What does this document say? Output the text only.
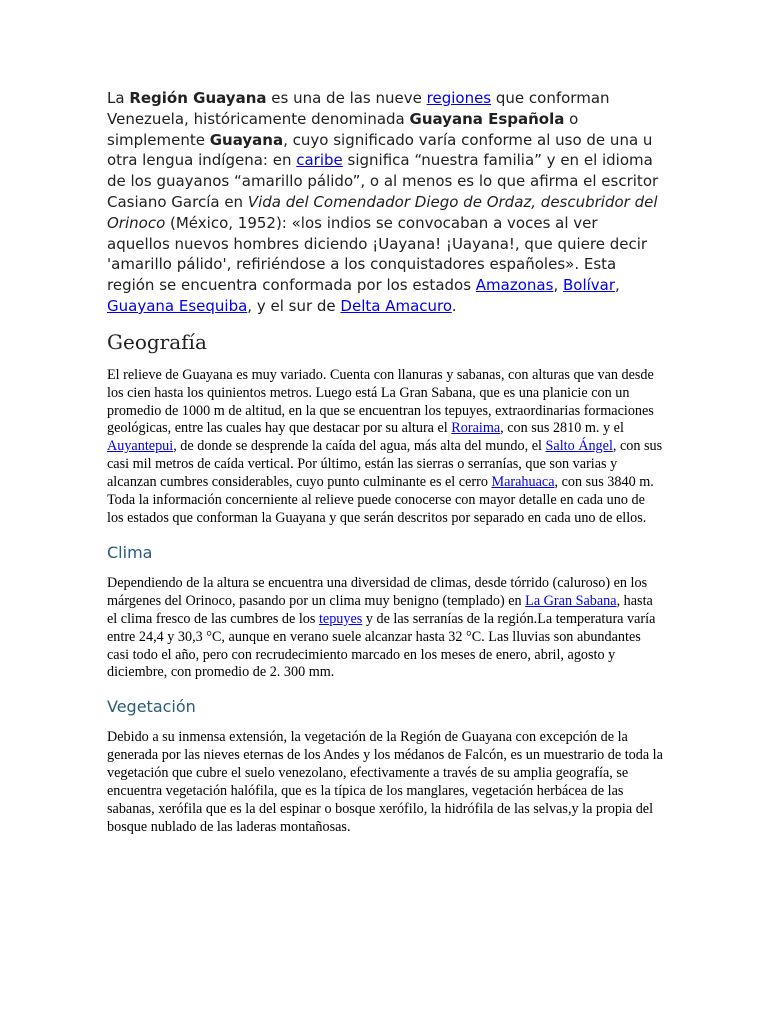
La Región Guayana es una de las nueve regiones que conforman Venezuela, históricamente denominada Guayana Española o simplemente Guayana, cuyo significado varía conforme al uso de una u otra lengua indígena: en caribe significa “nuestra familia” y en el idioma de los guayanos “amarillo pálido”, o al menos es lo que afirma el escritor Casiano García en Vida del Comendador Diego de Ordaz, descubridor del Orinoco (México, 1952): «los indios se convocaban a voces al ver aquellos nuevos hombres diciendo ¡Uayana! ¡Uayana!, que quiere decir 'amarillo pálido', refiriéndose a los conquistadores españoles». Esta región se encuentra conformada por los estados Amazonas, Bolívar, Guayana Esequiba, y el sur de Delta Amacuro.

Geografía

El relieve de Guayana es muy variado. Cuenta con llanuras y sabanas, con alturas que van desde los cien hasta los quinientos metros. Luego está La Gran Sabana, que es una planicie con un promedio de 1000 m de altitud, en la que se encuentran los tepuyes, extraordinarias formaciones geológicas, entre las cuales hay que destacar por su altura el Roraima, con sus 2810 m. y el Auyantepui, de donde se desprende la caída del agua, más alta del mundo, el Salto Ángel, con sus casi mil metros de caída vertical. Por último, están las sierras o serranías, que son varias y alcanzan cumbres considerables, cuyo punto culminante es el cerro Marahuaca, con sus 3840 m. Toda la información concerniente al relieve puede conocerse con mayor detalle en cada uno de los estados que conforman la Guayana y que serán descritos por separado en cada uno de ellos.

Clima

Dependiendo de la altura se encuentra una diversidad de climas, desde tórrido (caluroso) en los márgenes del Orinoco, pasando por un clima muy benigno (templado) en La Gran Sabana, hasta el clima fresco de las cumbres de los tepuyes y de las serranías de la región.La temperatura varía entre 24,4 y 30,3 °C, aunque en verano suele alcanzar hasta 32 °C. Las lluvias son abundantes casi todo el año, pero con recrudecimiento marcado en los meses de enero, abril, agosto y diciembre, con promedio de 2. 300 mm.

Vegetación

Debido a su inmensa extensión, la vegetación de la Región de Guayana con excepción de la generada por las nieves eternas de los Andes y los médanos de Falcón, es un muestrario de toda la vegetación que cubre el suelo venezolano, efectivamente a través de su amplia geografía, se encuentra vegetación halófila, que es la típica de los manglares, vegetación herbácea de las sabanas, xerófila que es la del espinar o bosque xerófilo, la hidrófila de las selvas,y la propia del bosque nublado de las laderas montañosas.
